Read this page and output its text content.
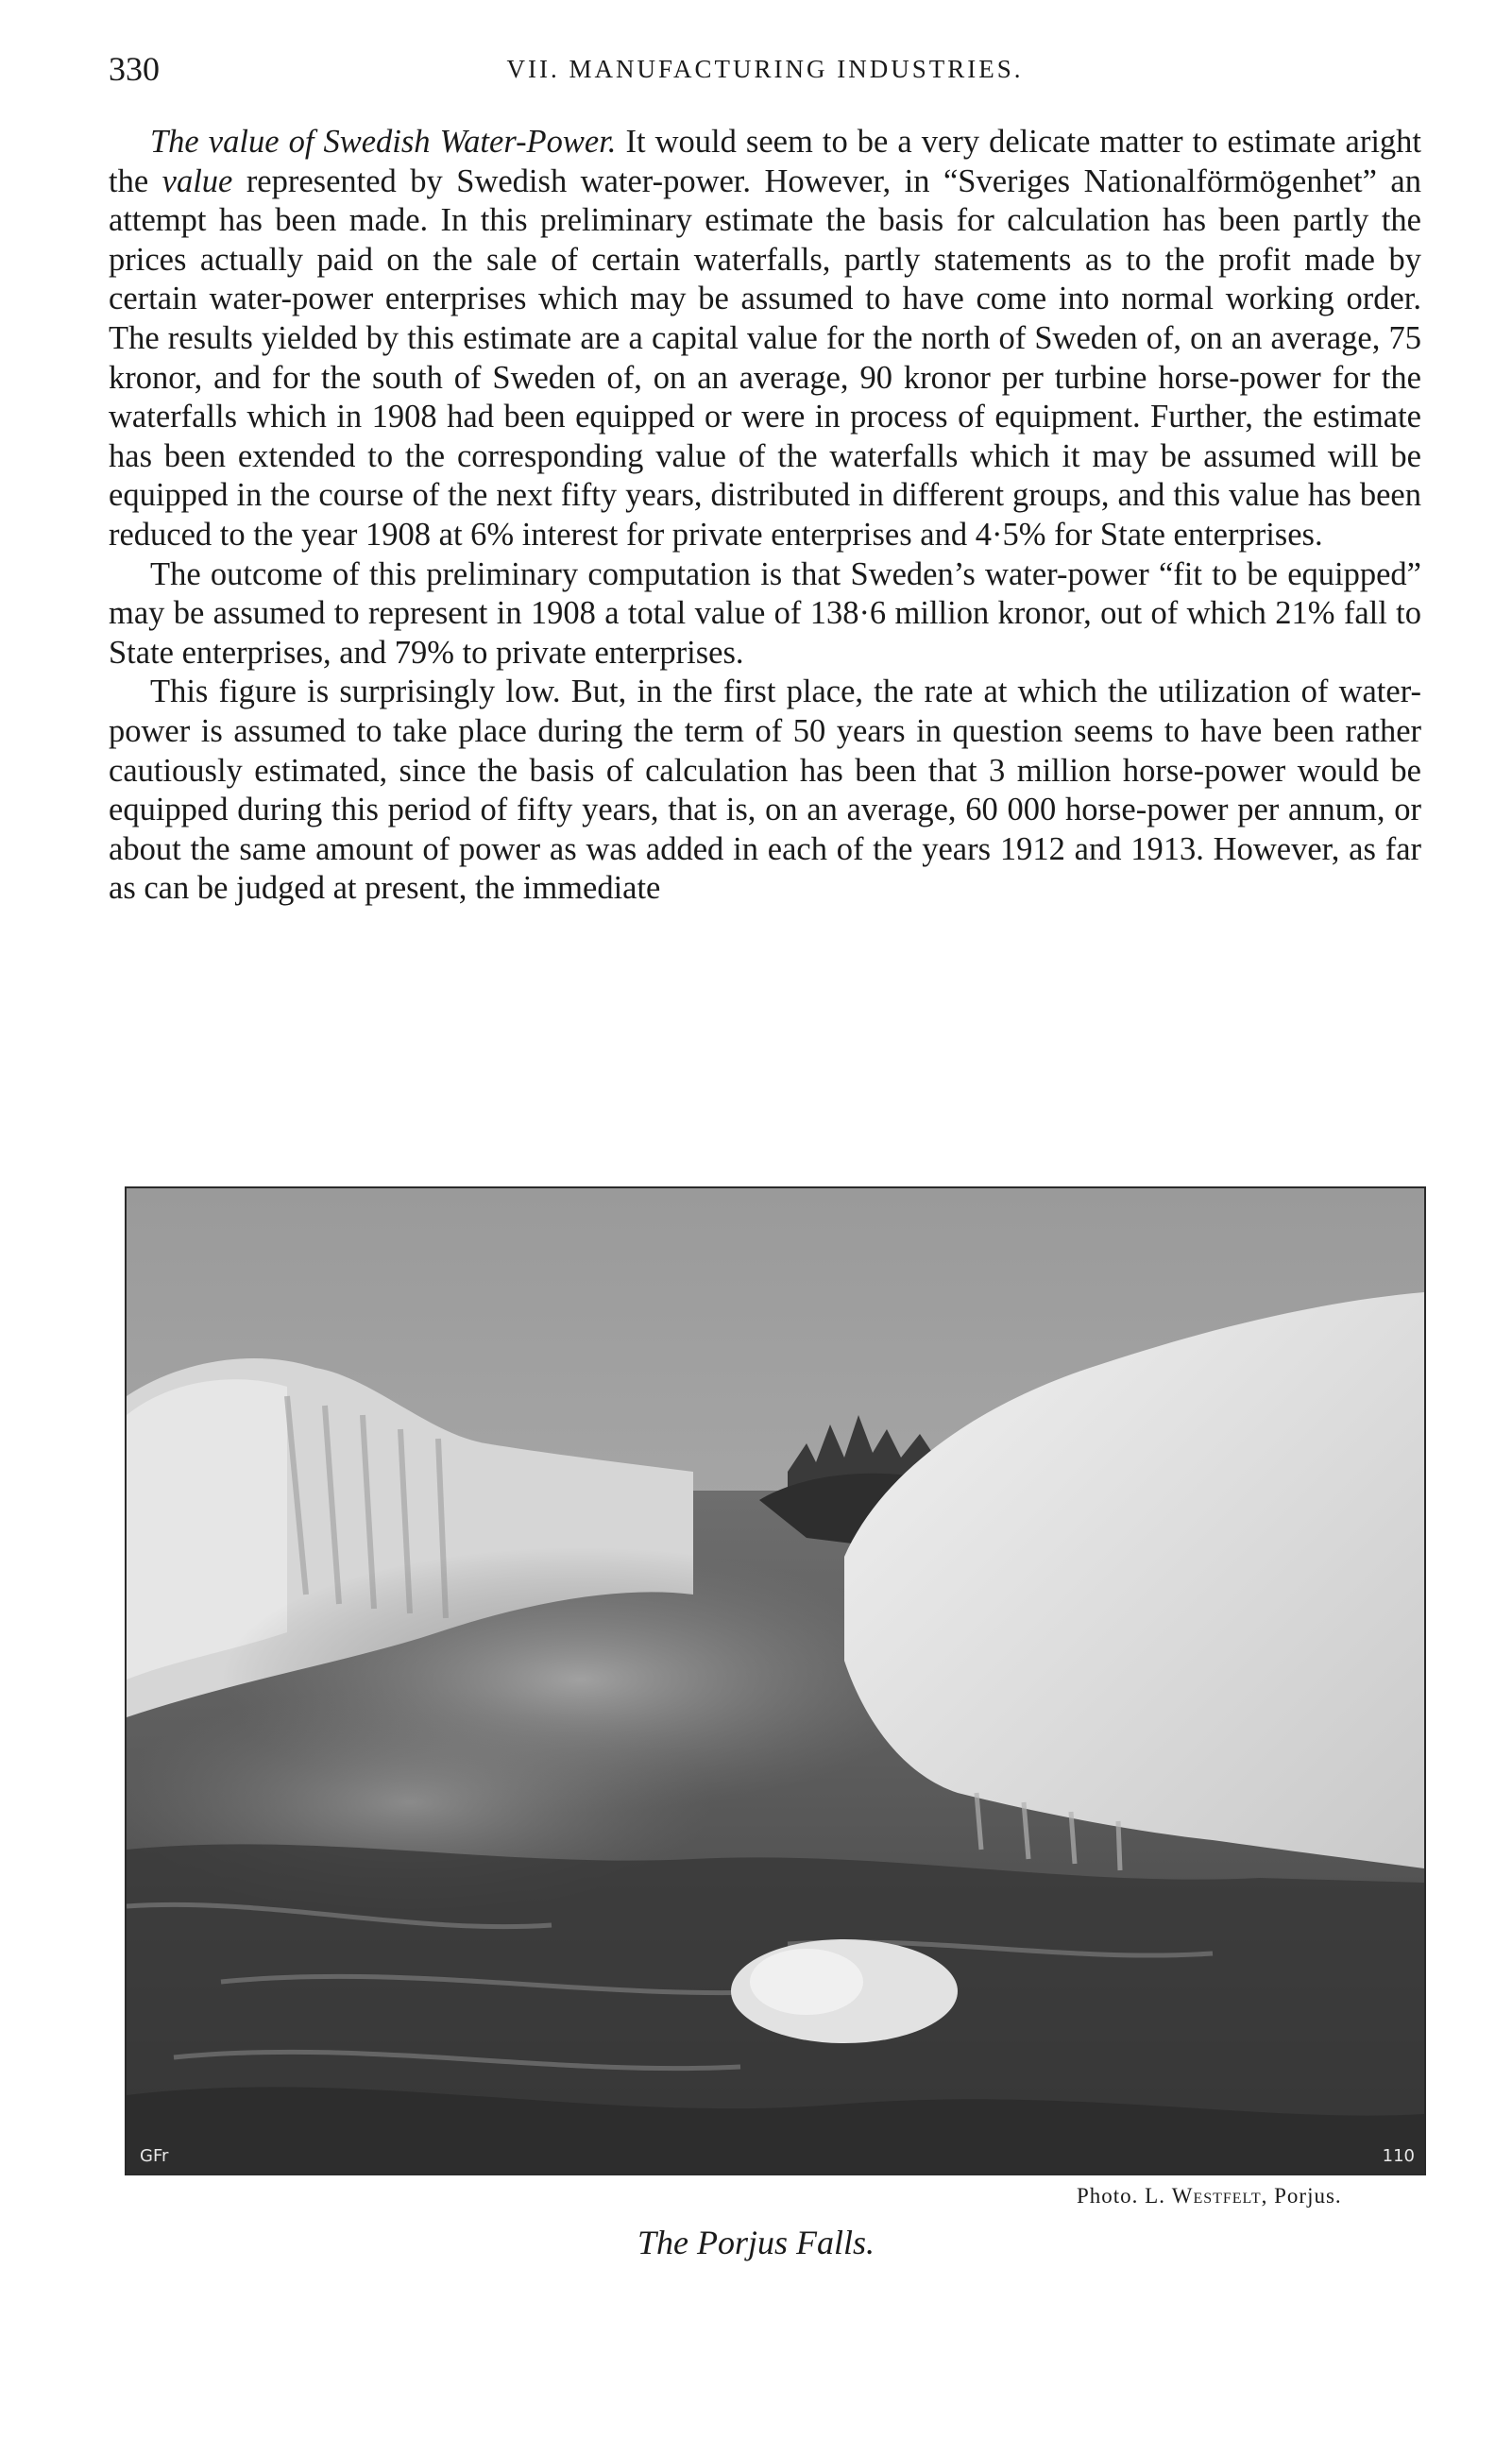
330	VII. MANUFACTURING INDUSTRIES.

The value of Swedish Water-Power. It would seem to be a very delicate matter to estimate aright the value represented by Swedish water-power. However, in “Sveriges Nationalförmögenhet” an attempt has been made. In this preliminary estimate the basis for calculation has been partly the prices actually paid on the sale of certain waterfalls, partly statements as to the profit made by certain water-power enterprises which may be assumed to have come into normal working order. The results yielded by this estimate are a capital value for the north of Sweden of, on an average, 75 kronor, and for the south of Sweden of, on an average, 90 kronor per turbine horse-power for the waterfalls which in 1908 had been equipped or were in process of equipment. Further, the estimate has been extended to the corresponding value of the waterfalls which it may be assumed will be equipped in the course of the next fifty years, distributed in different groups, and this value has been reduced to the year 1908 at 6% interest for private enterprises and 4·5% for State enterprises.

The outcome of this preliminary computation is that Sweden’s water-power “fit to be equipped” may be assumed to represent in 1908 a total value of 138·6 million kronor, out of which 21% fall to State enterprises, and 79% to private enterprises.

This figure is surprisingly low. But, in the first place, the rate at which the utilization of water-power is assumed to take place during the term of 50 years in question seems to have been rather cautiously estimated, since the basis of calculation has been that 3 million horse-power would be equipped during this period of fifty years, that is, on an average, 60 000 horse-power per annum, or about the same amount of power as was added in each of the years 1912 and 1913. However, as far as can be judged at present, the immediate

GFr	110
Photo. L. Westfelt, Porjus.
The Porjus Falls.
